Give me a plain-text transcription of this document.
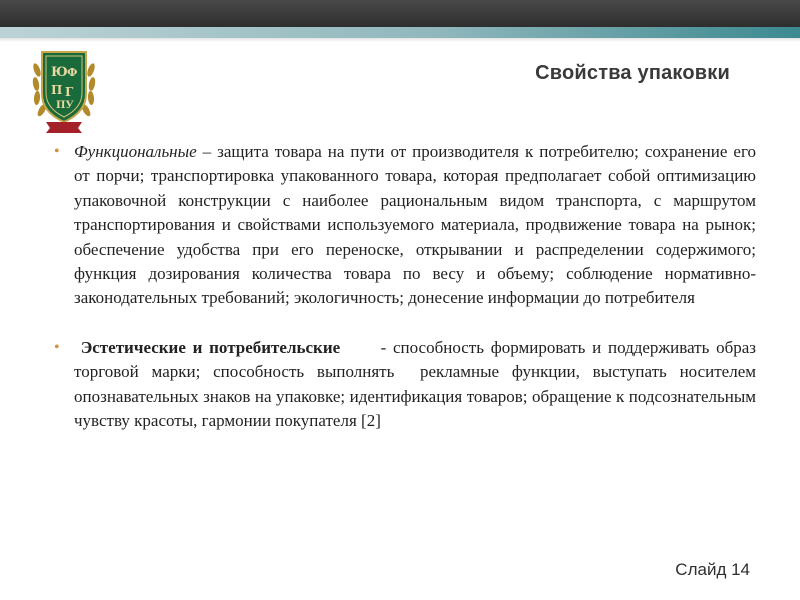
Ю Ф
П Г
ПУ
Свойства упаковки
• Функциональные – защита товара на пути от производителя к потребителю; сохранение его от порчи; транспортировка упакованного товара, которая предполагает собой оптимизацию упаковочной конструкции с наиболее рациональным видом транспорта, с маршрутом транспортирования и свойствами используемого материала, продвижение товара на рынок; обеспечение удобства при его переноске, открывании и распределении содержимого; функция дозирования количества товара по весу и объему; соблюдение нормативно-законодательных требований; экологичность; донесение информации до потребителя
• Эстетические и потребительские      - способность формировать и поддерживать образ торговой марки; способность выполнять  рекламные функции, выступать носителем опознавательных знаков на упаковке; идентификация товаров; обращение к подсознательным чувству красоты, гармонии покупателя [2]
Слайд 14
